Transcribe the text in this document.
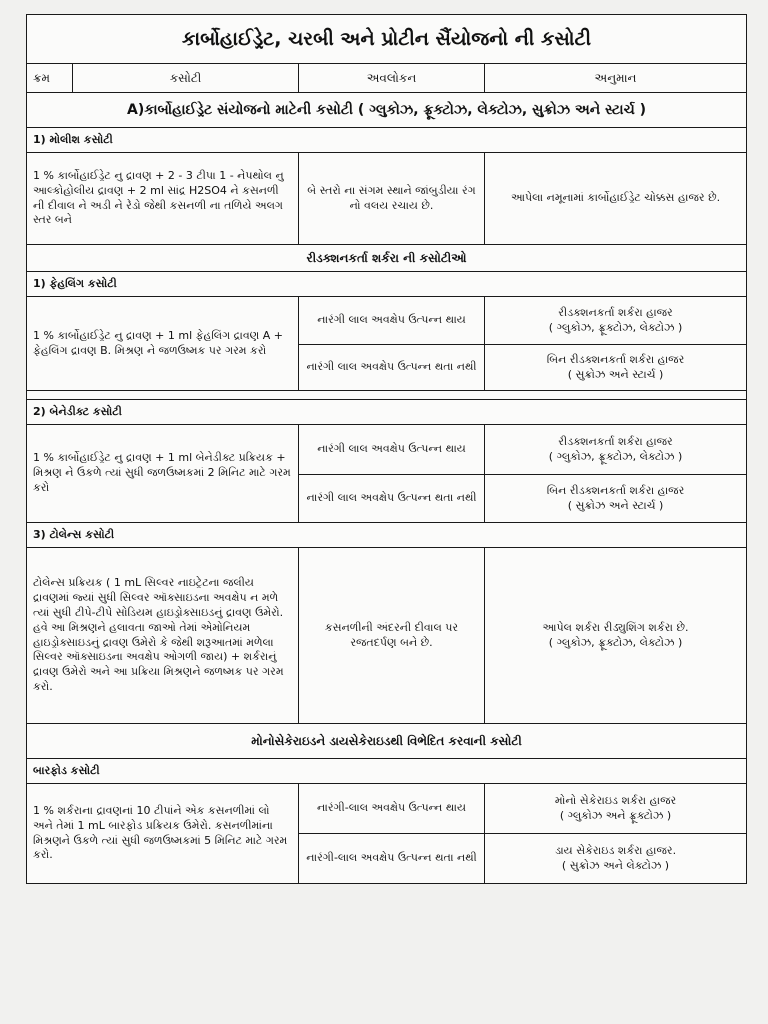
કાર્બોહાઈડ્રેટ, ચરબી અને પ્રોટીન સૈંયોજનો ની કસોટી			
ક્રમ	કસોટી	અવલોકન	અનુમાન
A)કાર્બોહાઈડ્રેટ સંયોજનો માટેની કસોટી ( ગ્લુકોઝ, ફ્રૂક્ટોઝ, લેક્ટોઝ, સુક્રોઝ અને સ્ટાર્ચ )			
1) મોલીશ કસોટી			
1 % કાર્બોહાઈડ્રેટ નુ દ્રાવણ + 2 - 3 ટીપા 1 - નેપથોલ નુ આલ્કોહોલીય દ્રાવણ + 2 ml સાંદ્ર H2SO4 ને કસનળી ની દીવાલ ને અડી ને રેડો જેથી કસનળી ના તળિયે અલગ સ્તર બને		બે સ્તરો ના સંગમ સ્થાને જાંબુડીયા રંગ નો વલય રચાય છે.	આપેલા નમૂનામાં કાર્બોહાઈડ્રેટ ચોક્કસ હાજર છે.
રીડક્શનકર્તા શર્કરા ની કસોટીઓ			
1) ફેહલિંગ કસોટી			
1 % કાર્બોહાઈડ્રેટ નુ દ્રાવણ + 1 ml ફેહલિંગ દ્રાવણ A + ફેહલિંગ દ્રાવણ B. મિશ્રણ ને જળઉષ્મક પર ગરમ કરો		નારંગી લાલ અવક્ષેપ ઉત્પન્ન થાય	રીડક્શનકર્તા શર્કરા હાજર
( ગ્લુકોઝ, ફ્રૂક્ટોઝ, લેક્ટોઝ )

		નારંગી લાલ અવક્ષેપ ઉત્પન્ન થતા નથી	બિન રીડક્શનકર્તા શર્કરા હાજર
( સુક્રોઝ અને સ્ટાર્ચ )

2) બેનેડીક્ટ કસોટી			
1 % કાર્બોહાઈડ્રેટ નુ દ્રાવણ + 1 ml બેનેડીક્ટ પ્રક્રિયક + મિશ્રણ ને ઉકળે ત્યાં સુધી જળઉષ્મકમાં 2 મિનિટ માટે ગરમ કરો		નારંગી લાલ અવક્ષેપ ઉત્પન્ન થાય	રીડક્શનકર્તા શર્કરા હાજર
( ગ્લુકોઝ, ફ્રૂક્ટોઝ, લેક્ટોઝ )

		નારંગી લાલ અવક્ષેપ ઉત્પન્ન થતા નથી	બિન રીડક્શનકર્તા શર્કરા હાજર
( સુક્રોઝ અને સ્ટાર્ચ )

3) ટોલેન્સ કસોટી			
ટોલેન્સ પ્રક્રિયક ( 1 mL સિલ્વર નાઇટ્રેટના જલીય દ્રાવણમાં જ્યાં સુધી સિલ્વર ઑક્સાઇડના અવક્ષેપ ન મળે ત્યાં સુધી ટીપે-ટીપે સોડિયમ હાઇડ્રોક્સાઇડનું દ્રાવણ ઉમેરો. હવે આ મિશ્રણને હલાવતા જાઓ તેમાં એમોનિયમ હાઇડ્રોક્સાઇડનું દ્રાવણ ઉમેરો કે જેથી શરૂઆતમાં મળેલા સિલ્વર ઑક્સાઇડના અવક્ષેપ ઓગળી જાય) + શર્કરાનું દ્રાવણ ઉમેરો અને આ પ્રક્રિયા મિશ્રણને જળષ્મક પર ગરમ કરો.		કસનળીની અંદરની દીવાલ પર રજતદર્પણ બને છે.	આપેલ શર્કરા રીડ્યુશિંગ શર્કરા છે.
( ગ્લુકોઝ, ફ્રૂક્ટોઝ, લેક્ટોઝ )

મોનોસેકેરાઇડને ડાયસેકેરાઇડથી વિભેદિત કરવાની કસોટી			
બારફોડ કસોટી			
1 % શર્કરાના દ્રાવણનાં 10 ટીપાંને એક કસનળીમાં લો અને તેમાં 1 mL બારફોડ પ્રક્રિયક ઉમેરો. કસનળીમાંના મિશ્રણને ઉકળે ત્યાં સુધી જળઉષ્મકમાં 5 મિનિટ માટે ગરમ કરો.		નારંગી-લાલ અવક્ષેપ ઉત્પન્ન થાય	મોનો સેકેરાઇડ શર્કરા હાજર
( ગ્લુકોઝ અને ફ્રૂક્ટોઝ )

		નારંગી-લાલ અવક્ષેપ ઉત્પન્ન થતા નથી	ડાય સેકેરાઇડ શર્કરા હાજર.
( સુક્રોઝ અને લેક્ટોઝ )
